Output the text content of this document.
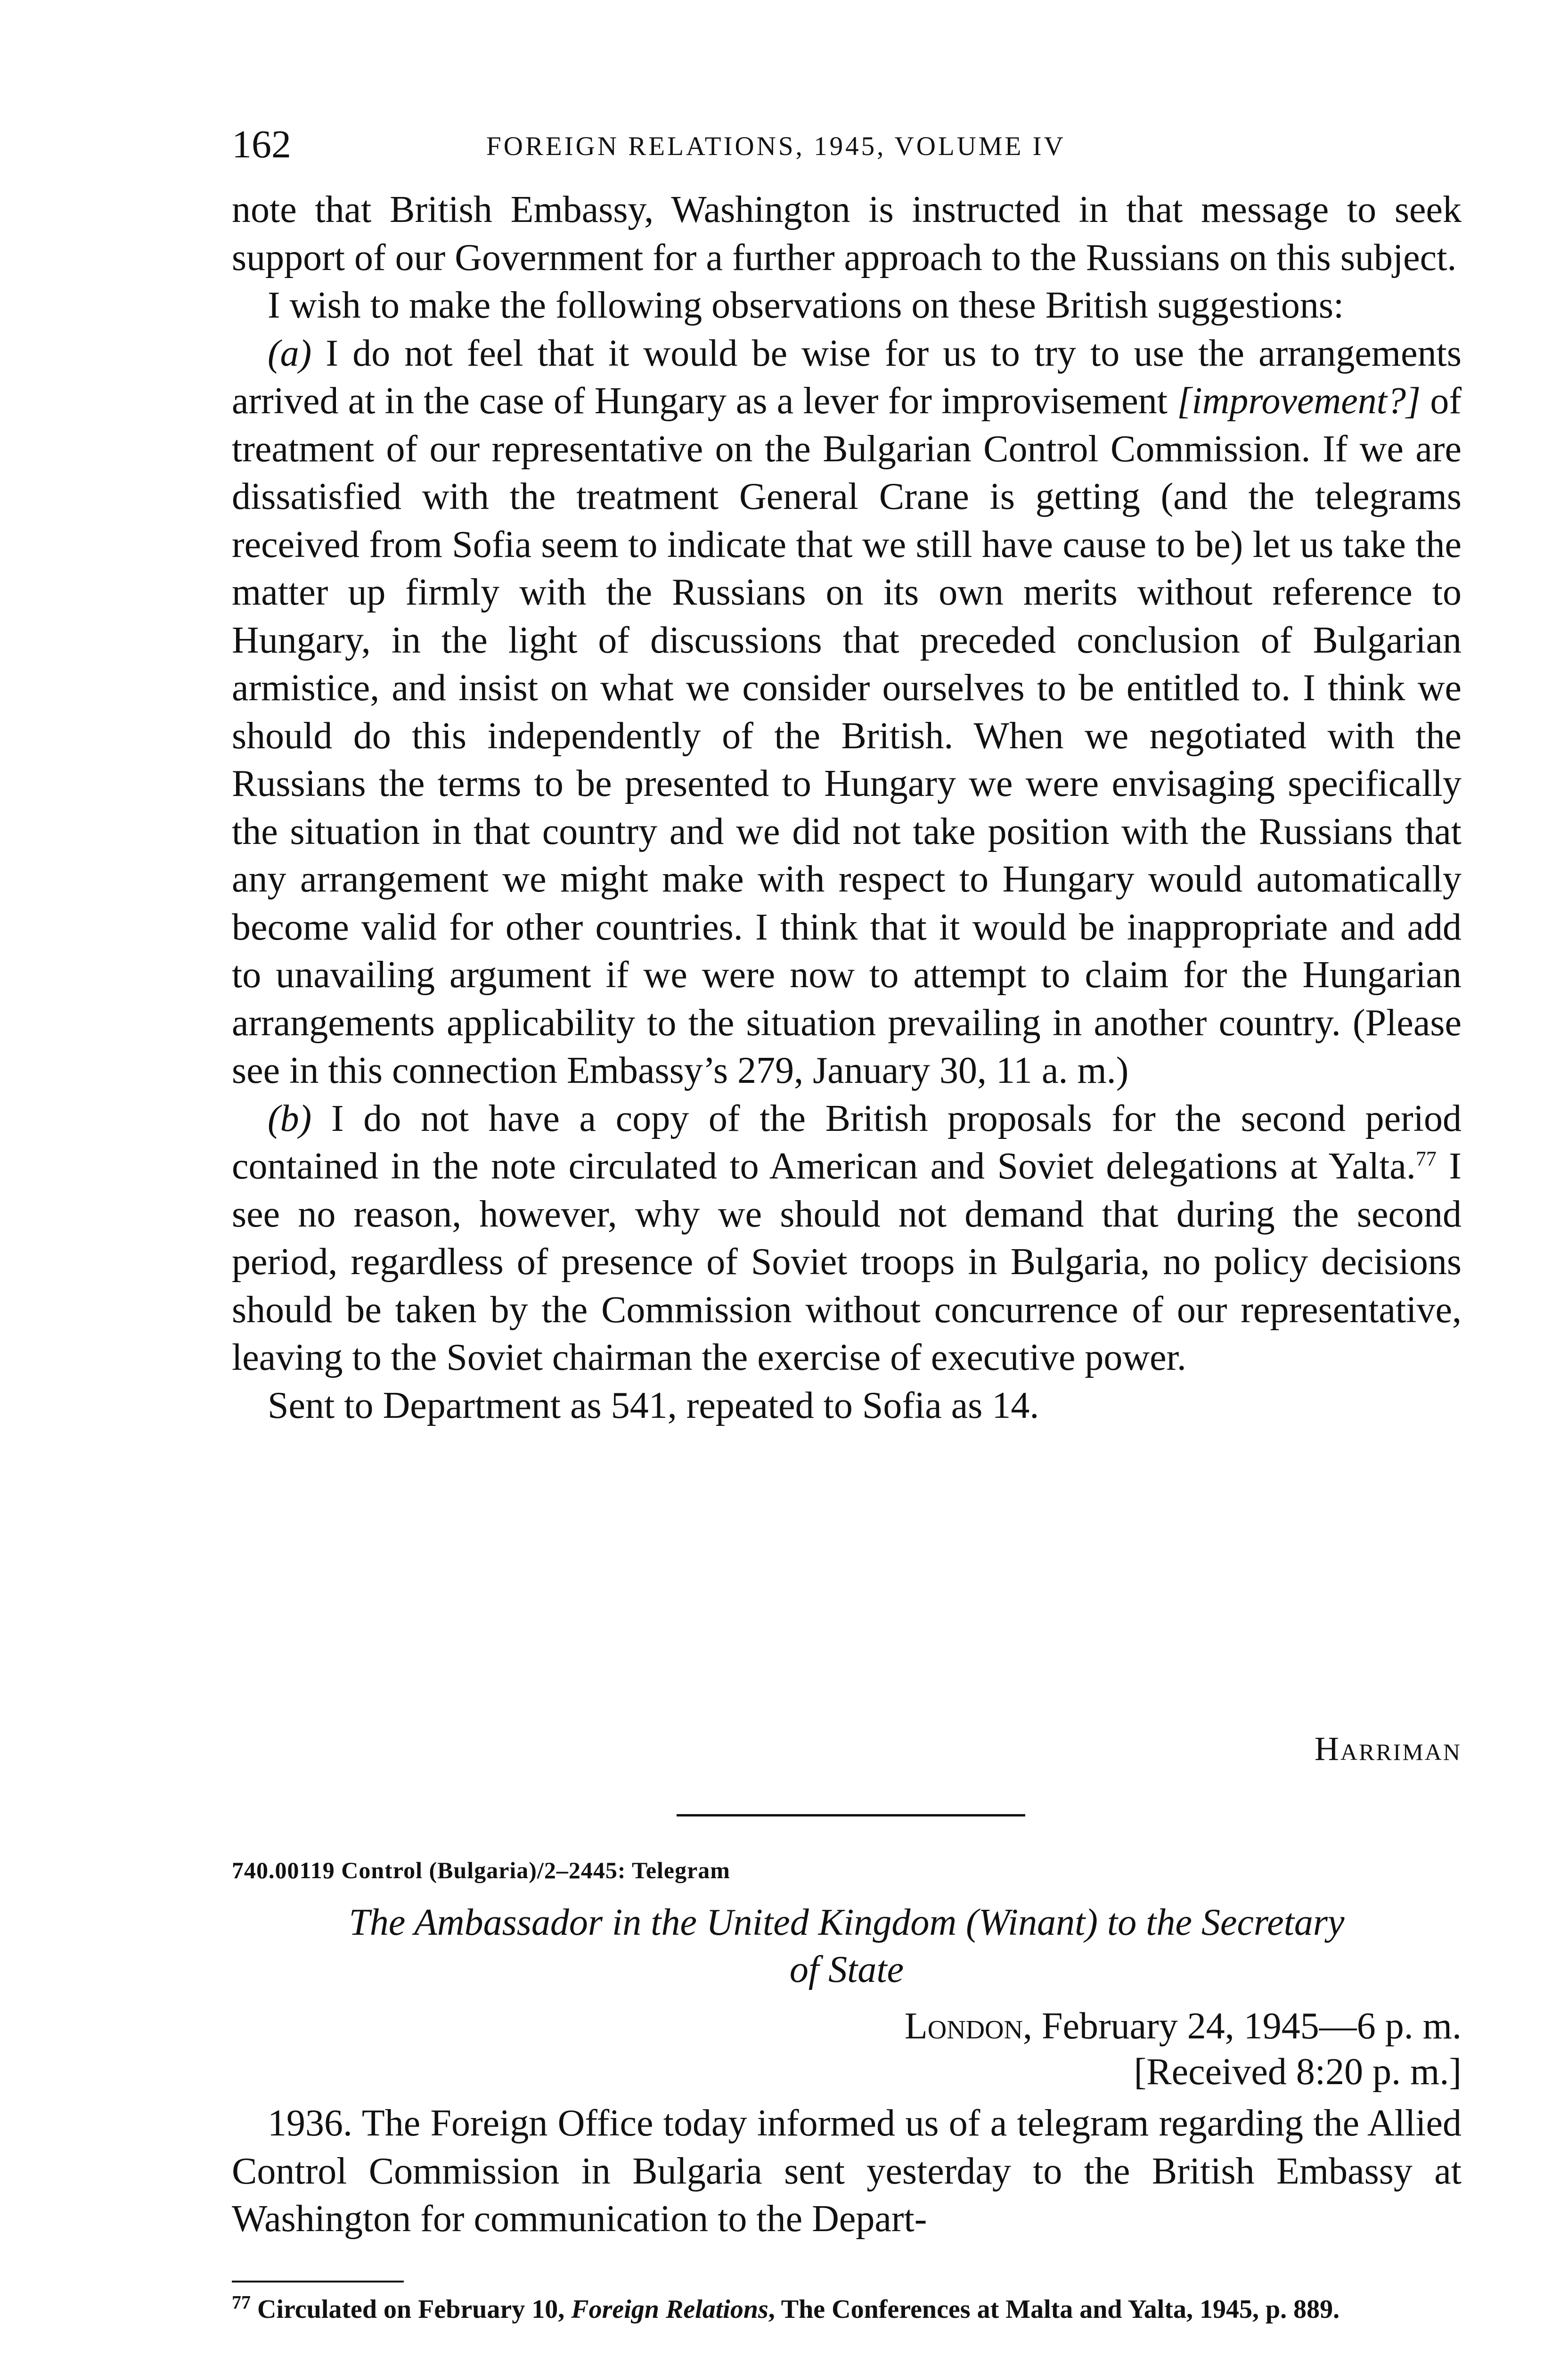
162	FOREIGN RELATIONS, 1945, VOLUME IV

note that British Embassy, Washington is instructed in that message to seek support of our Government for a further approach to the Russians on this subject.

I wish to make the following observations on these British suggestions:

(a) I do not feel that it would be wise for us to try to use the arrangements arrived at in the case of Hungary as a lever for improvisement [improvement?] of treatment of our representative on the Bulgarian Control Commission. If we are dissatisfied with the treatment General Crane is getting (and the telegrams received from Sofia seem to indicate that we still have cause to be) let us take the matter up firmly with the Russians on its own merits without reference to Hungary, in the light of discussions that preceded conclusion of Bulgarian armistice, and insist on what we consider ourselves to be entitled to. I think we should do this independently of the British. When we negotiated with the Russians the terms to be presented to Hungary we were envisaging specifically the situation in that country and we did not take position with the Russians that any arrangement we might make with respect to Hungary would automatically become valid for other countries. I think that it would be inappropriate and add to unavailing argument if we were now to attempt to claim for the Hungarian arrangements applicability to the situation prevailing in another country. (Please see in this connection Embassy’s 279, January 30, 11 a. m.)

(b) I do not have a copy of the British proposals for the second period contained in the note circulated to American and Soviet delegations at Yalta.$^{77}$ I see no reason, however, why we should not demand that during the second period, regardless of presence of Soviet troops in Bulgaria, no policy decisions should be taken by the Commission without concurrence of our representative, leaving to the Soviet chairman the exercise of executive power.

Sent to Department as 541, repeated to Sofia as 14.

Harriman
740.00119 Control (Bulgaria)/2–2445: Telegram
The Ambassador in the United Kingdom (Winant) to the Secretary
of State
London, February 24, 1945—6 p. m.
[Received 8:20 p. m.]

1936. The Foreign Office today informed us of a telegram regarding the Allied Control Commission in Bulgaria sent yesterday to the British Embassy at Washington for communication to the Depart-

$^{77}$ Circulated on February 10, Foreign Relations, The Conferences at Malta and Yalta, 1945, p. 889.
